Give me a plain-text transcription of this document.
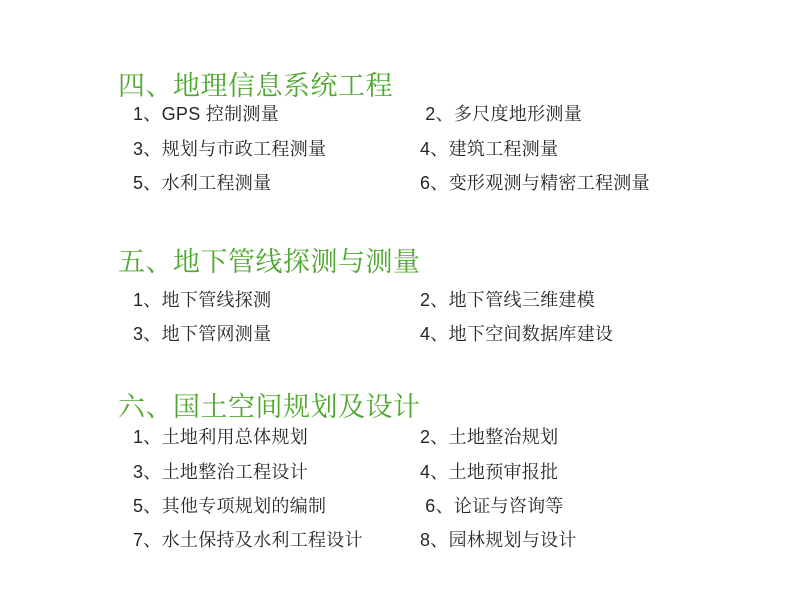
四、地理信息系统工程
1、GPS 控制测量	2、多尺度地形测量
3、规划与市政工程测量	4、建筑工程测量
5、水利工程测量	6、变形观测与精密工程测量
五、地下管线探测与测量
1、地下管线探测	2、地下管线三维建模
3、地下管网测量	4、地下空间数据库建设
六、国土空间规划及设计
1、土地利用总体规划	2、土地整治规划
3、土地整治工程设计	4、土地预审报批
5、其他专项规划的编制	6、论证与咨询等
7、水土保持及水利工程设计	8、园林规划与设计
